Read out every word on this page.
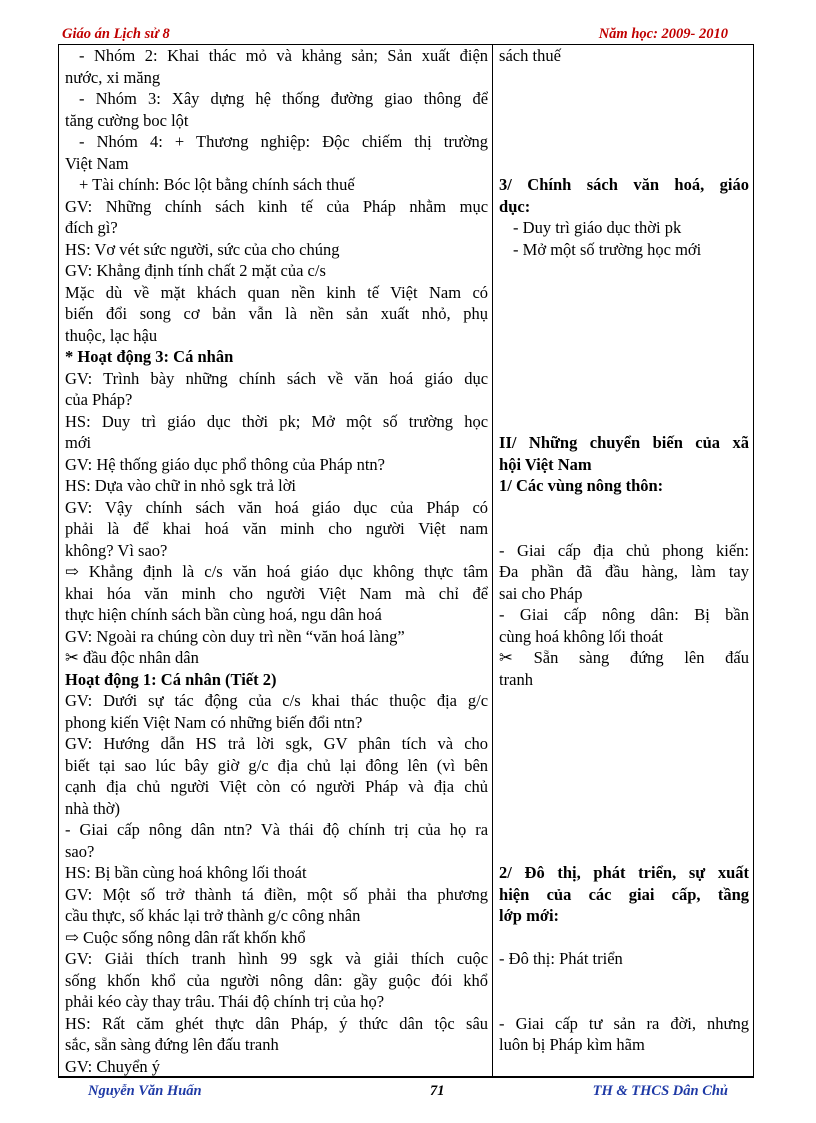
Giáo án Lịch sử 8	Năm học: 2009- 2010
- Nhóm 2: Khai thác mỏ và khảng sản; Sản xuất điện
nước, xi măng
- Nhóm 3: Xây dựng hệ thống đường giao thông để
tăng cường boc lột
- Nhóm 4: + Thương nghiệp: Độc chiếm thị trường
Việt Nam
+ Tài chính: Bóc lột bằng chính sách thuế
GV: Những chính sách kinh tế của Pháp nhằm mục
đích gì?
HS: Vơ vét sức người, sức của cho chúng
GV: Khẳng định tính chất 2 mặt của c/s
Mặc dù về mặt khách quan nền kinh tế Việt Nam có
biến đổi song cơ bản vẫn là nền sản xuất nhỏ, phụ
thuộc, lạc hậu
* Hoạt động 3: Cá nhân
GV: Trình bày những chính sách về văn hoá giáo dục
của Pháp?
HS: Duy trì giáo dục thời pk; Mở một số trường học
mới
GV: Hệ thống giáo dục phổ thông của Pháp ntn?
HS: Dựa vào chữ in nhỏ sgk trả lời
GV: Vậy chính sách văn hoá giáo dục của Pháp có
phải là để khai hoá văn minh cho người Việt nam
không? Vì sao?
⇨ Khẳng định là c/s văn hoá giáo dục không thực tâm
khai hóa văn minh cho người Việt Nam mà chỉ để
thực hiện chính sách bần cùng hoá, ngu dân hoá
GV: Ngoài ra chúng còn duy trì nền “văn hoá làng”
✂ đầu độc nhân dân
Hoạt động 1: Cá nhân (Tiết 2)
GV: Dưới sự tác động của c/s khai thác thuộc địa g/c
phong kiến Việt Nam có những biến đổi ntn?
GV: Hướng dẫn HS trả lời sgk, GV phân tích và cho
biết tại sao lúc bây giờ g/c địa chủ lại đông lên (vì bên
cạnh địa chủ người Việt còn có người Pháp và địa chủ
nhà thờ)
- Giai cấp nông dân ntn? Và thái độ chính trị của họ ra
sao?
HS: Bị bần cùng hoá không lối thoát
GV: Một số trở thành tá điền, một số phải tha phương
cầu thực, số khác lại trở thành g/c công nhân
⇨ Cuộc sống nông dân rất khốn khổ
GV: Giải thích tranh hình 99 sgk và giải thích cuộc
sống khốn khổ của người nông dân: gầy guộc đói khổ
phải kéo cày thay trâu. Thái độ chính trị của họ?
HS: Rất căm ghét thực dân Pháp, ý thức dân tộc sâu
sắc, sẵn sàng đứng lên đấu tranh
GV: Chuyển ý

sách thuế
3/ Chính sách văn hoá, giáo
dục:
- Duy trì giáo dục thời pk
- Mở một số trường học mới
II/ Những chuyển biến của xã
hội Việt Nam
1/ Các vùng nông thôn:
- Giai cấp địa chủ phong kiến:
Đa phần đã đầu hàng, làm tay
sai cho Pháp
- Giai cấp nông dân: Bị bần
cùng hoá không lối thoát
✂ Sẵn sàng đứng lên đấu
tranh
2/ Đô thị, phát triển, sự xuất
hiện của các giai cấp, tầng
lớp mới:
- Đô thị: Phát triển
- Giai cấp tư sản ra đời, nhưng
luôn bị Pháp kìm hãm
Nguyễn Văn Huấn	71	TH & THCS Dân Chủ
